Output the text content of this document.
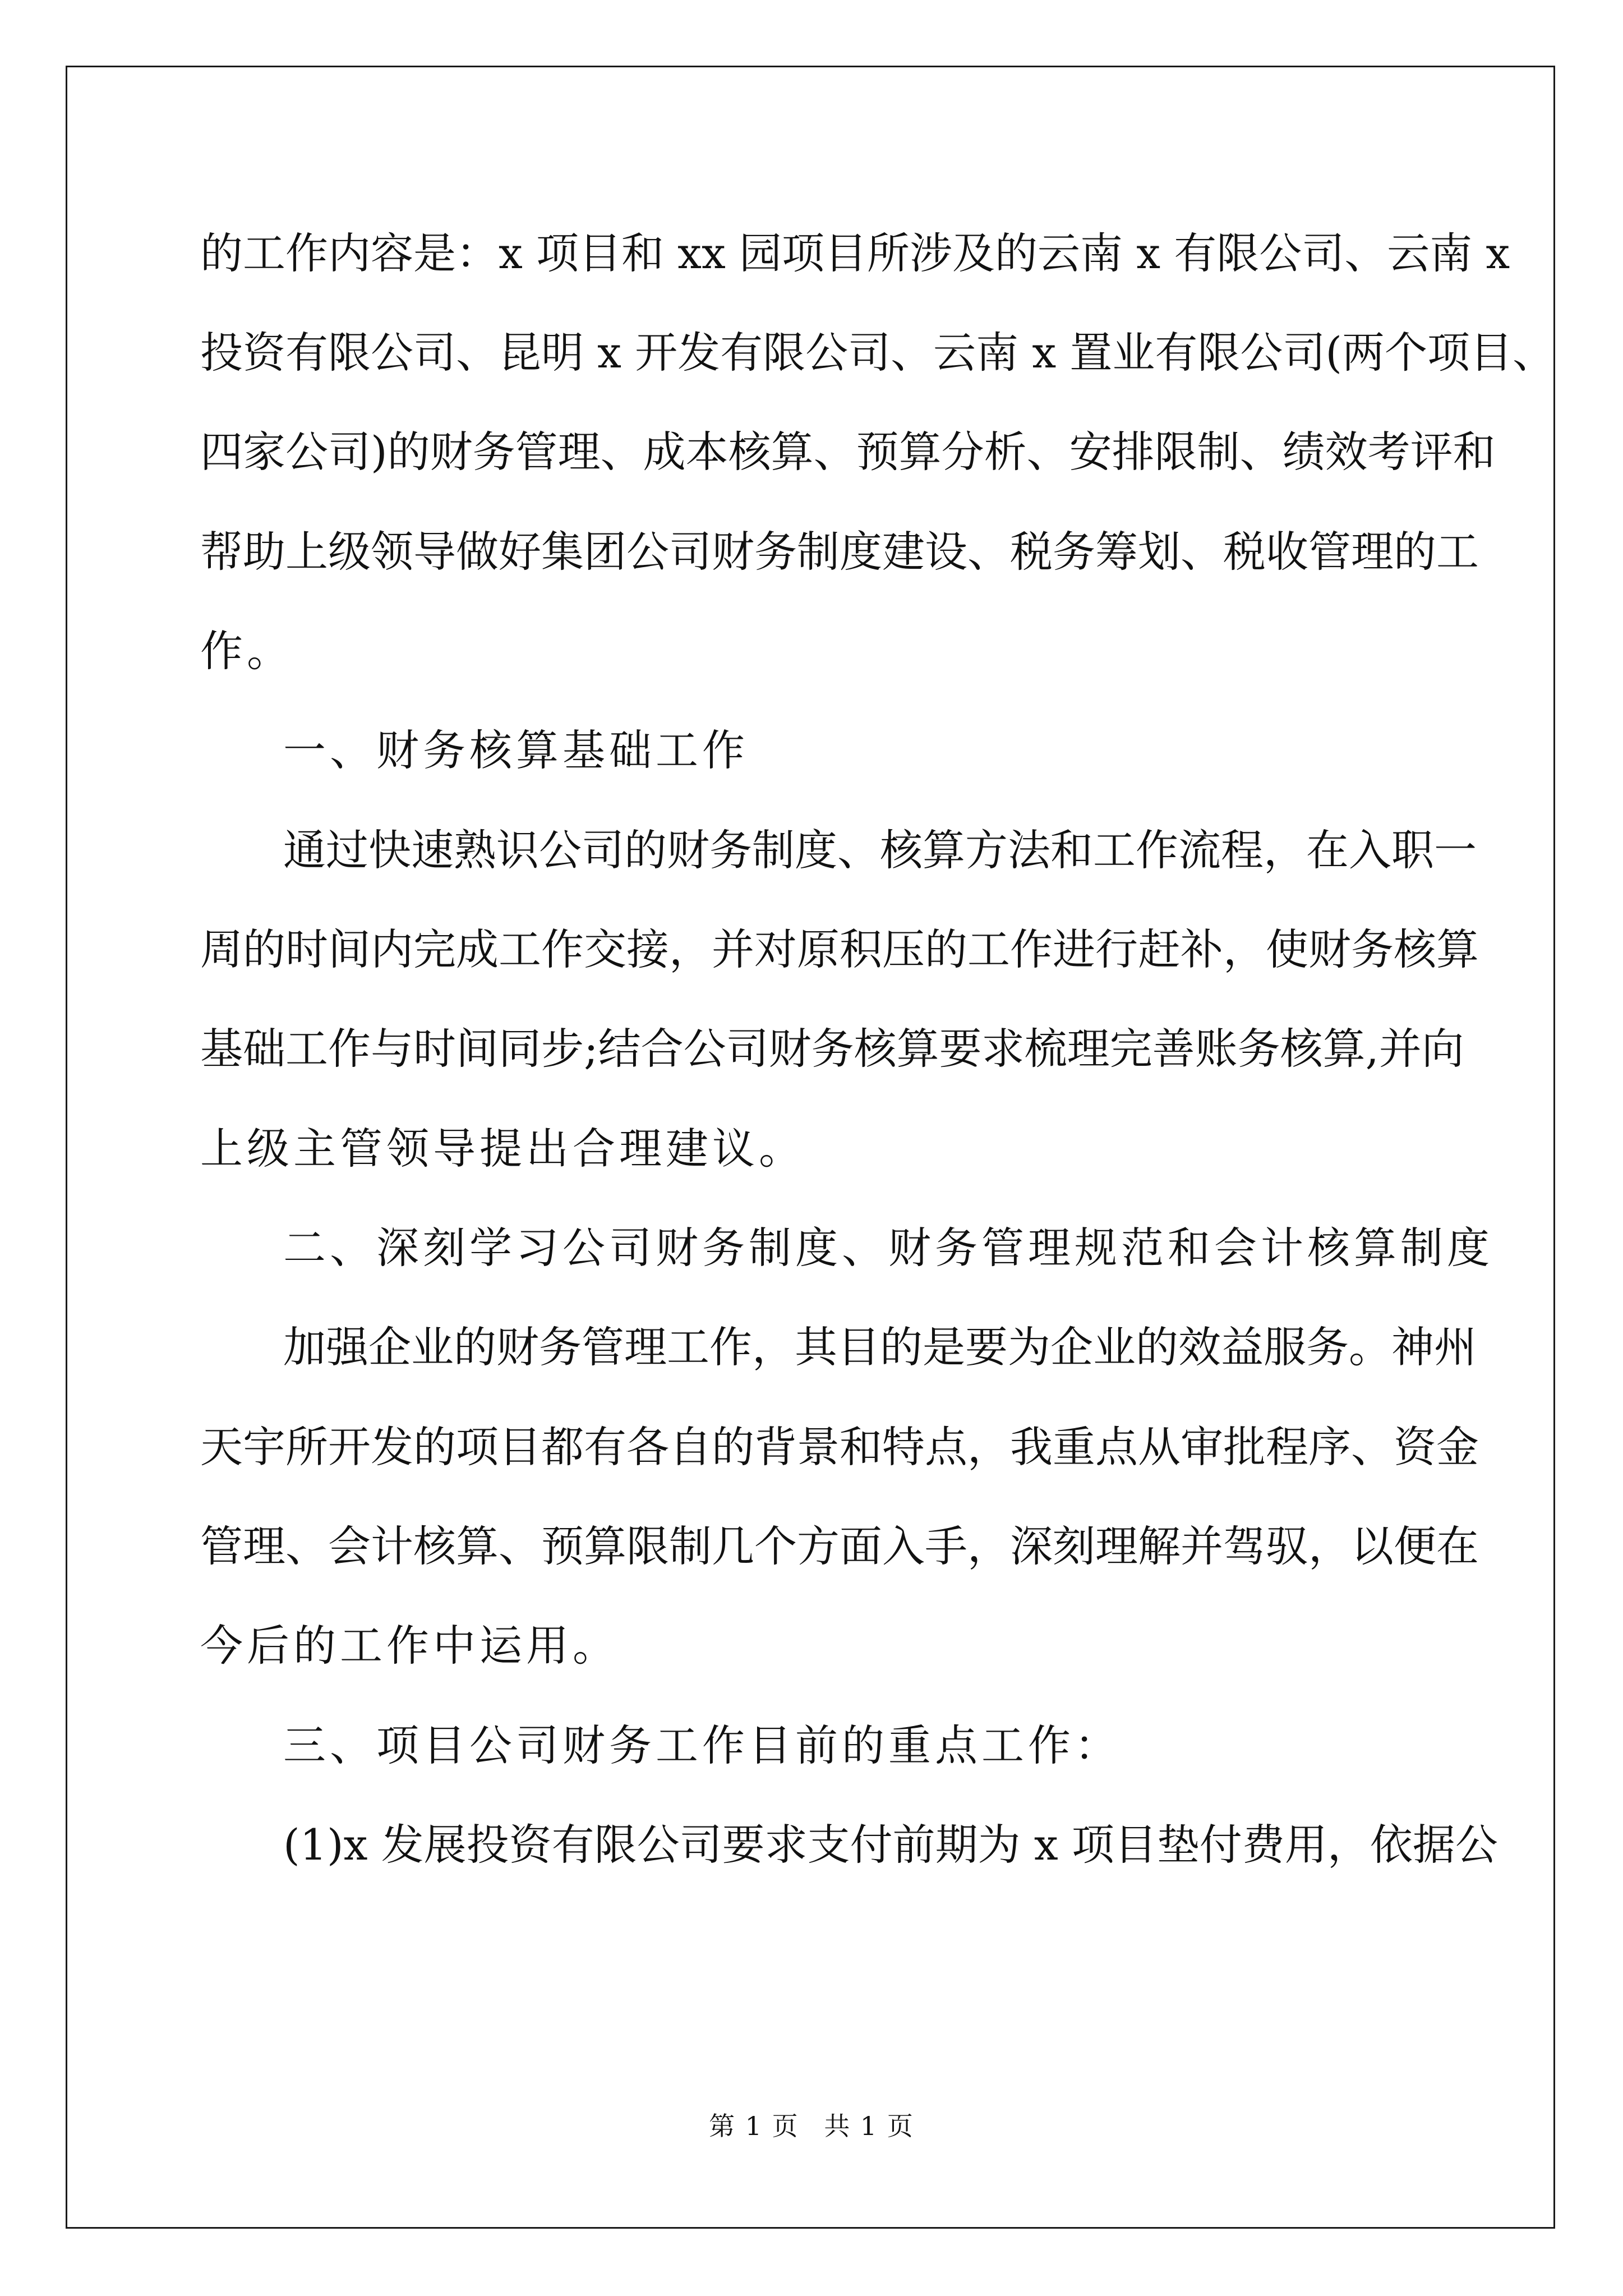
的工作内容是：x 项目和 xx 园项目所涉及的云南 x 有限公司、云南 x
投资有限公司、昆明 x 开发有限公司、云南 x 置业有限公司(两个项目、
四家公司)的财务管理、成本核算、预算分析、安排限制、绩效考评和
帮助上级领导做好集团公司财务制度建设、税务筹划、税收管理的工
作。
一、财务核算基础工作
通过快速熟识公司的财务制度、核算方法和工作流程，在入职一
周的时间内完成工作交接，并对原积压的工作进行赶补，使财务核算
基础工作与时间同步;结合公司财务核算要求梳理完善账务核算,并向
上级主管领导提出合理建议。
二、深刻学习公司财务制度、财务管理规范和会计核算制度
加强企业的财务管理工作，其目的是要为企业的效益服务。神州
天宇所开发的项目都有各自的背景和特点，我重点从审批程序、资金
管理、会计核算、预算限制几个方面入手，深刻理解并驾驭，以便在
今后的工作中运用。
三、项目公司财务工作目前的重点工作：
(1)x 发展投资有限公司要求支付前期为 x 项目垫付费用，依据公
第 1 页 共 1 页
